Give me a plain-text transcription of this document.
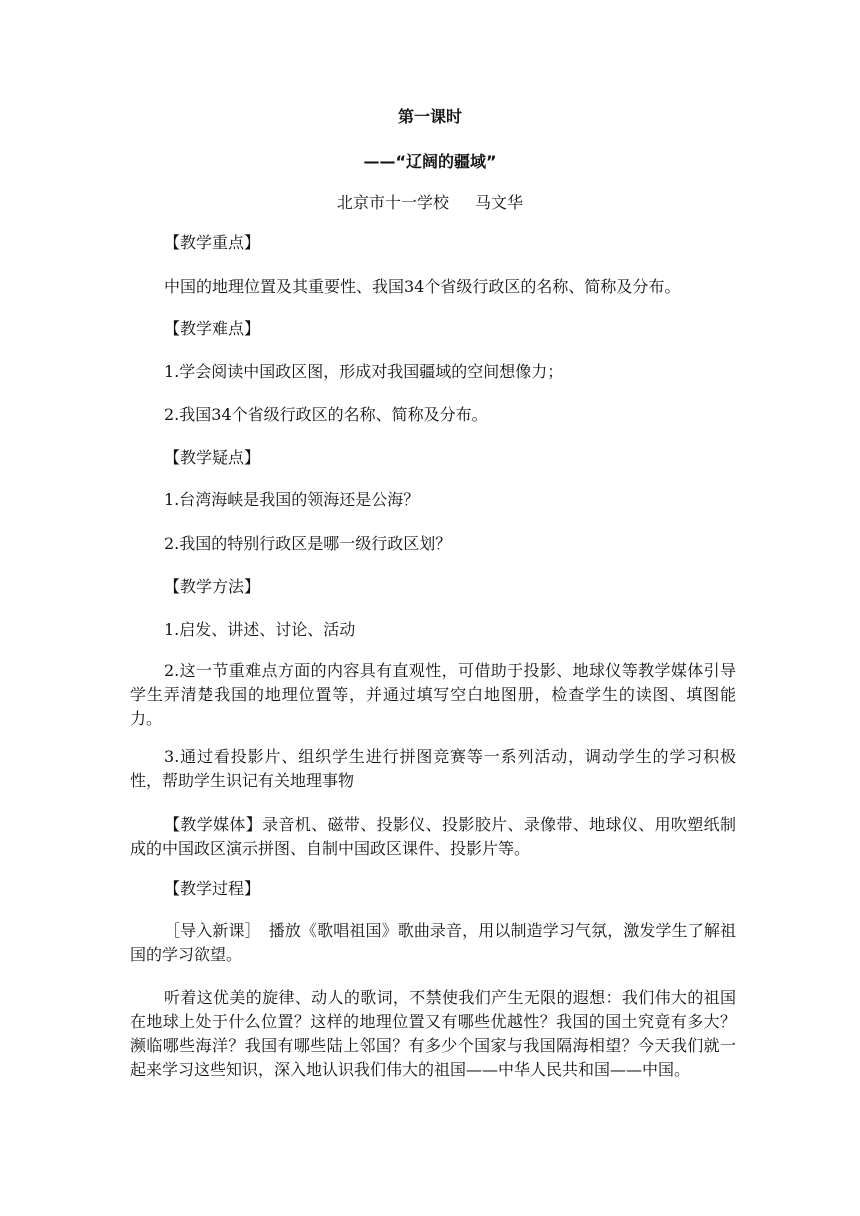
第一课时
——“辽阔的疆域”
北京市十一学校 马文华
【教学重点】
中国的地理位置及其重要性、我国34个省级行政区的名称、简称及分布。
【教学难点】
1.学会阅读中国政区图，形成对我国疆域的空间想像力；
2.我国34个省级行政区的名称、简称及分布。
【教学疑点】
1.台湾海峡是我国的领海还是公海？
2.我国的特别行政区是哪一级行政区划？
【教学方法】
1.启发、讲述、讨论、活动
2.这一节重难点方面的内容具有直观性，可借助于投影、地球仪等教学媒体引导学生弄清楚我国的地理位置等，并通过填写空白地图册，检查学生的读图、填图能力。
3.通过看投影片、组织学生进行拼图竞赛等一系列活动，调动学生的学习积极性，帮助学生识记有关地理事物
【教学媒体】录音机、磁带、投影仪、投影胶片、录像带、地球仪、用吹塑纸制成的中国政区演示拼图、自制中国政区课件、投影片等。
【教学过程】
［导入新课］　播放《歌唱祖国》歌曲录音，用以制造学习气氛，激发学生了解祖国的学习欲望。
听着这优美的旋律、动人的歌词，不禁使我们产生无限的遐想：我们伟大的祖国在地球上处于什么位置？这样的地理位置又有哪些优越性？我国的国土究竟有多大？濒临哪些海洋？我国有哪些陆上邻国？有多少个国家与我国隔海相望？今天我们就一起来学习这些知识，深入地认识我们伟大的祖国——中华人民共和国——中国。
